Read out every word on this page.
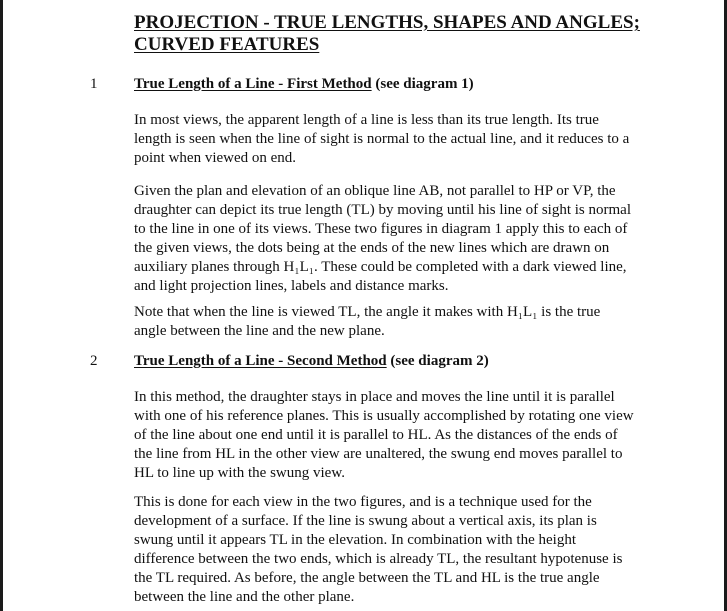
PROJECTION - TRUE LENGTHS, SHAPES AND ANGLES;
CURVED FEATURES
1 True Length of a Line - First Method (see diagram 1)

In most views, the apparent length of a line is less than its true length. Its true length is seen when the line of sight is normal to the actual line, and it reduces to a point when viewed on end.

Given the plan and elevation of an oblique line AB, not parallel to HP or VP, the draughter can depict its true length (TL) by moving until his line of sight is normal to the line in one of its views. These two figures in diagram 1 apply this to each of the given views, the dots being at the ends of the new lines which are drawn on auxiliary planes through H₁L₁. These could be completed with a dark viewed line, and light projection lines, labels and distance marks.

Note that when the line is viewed TL, the angle it makes with H₁L₁ is the true angle between the line and the new plane.

2 True Length of a Line - Second Method (see diagram 2)

In this method, the draughter stays in place and moves the line until it is parallel with one of his reference planes. This is usually accomplished by rotating one view of the line about one end until it is parallel to HL. As the distances of the ends of the line from HL in the other view are unaltered, the swung end moves parallel to HL to line up with the swung view.

This is done for each view in the two figures, and is a technique used for the development of a surface. If the line is swung about a vertical axis, its plan is swung until it appears TL in the elevation. In combination with the height difference between the two ends, which is already TL, the resultant hypotenuse is the TL required. As before, the angle between the TL and HL is the true angle between the line and the other plane.
